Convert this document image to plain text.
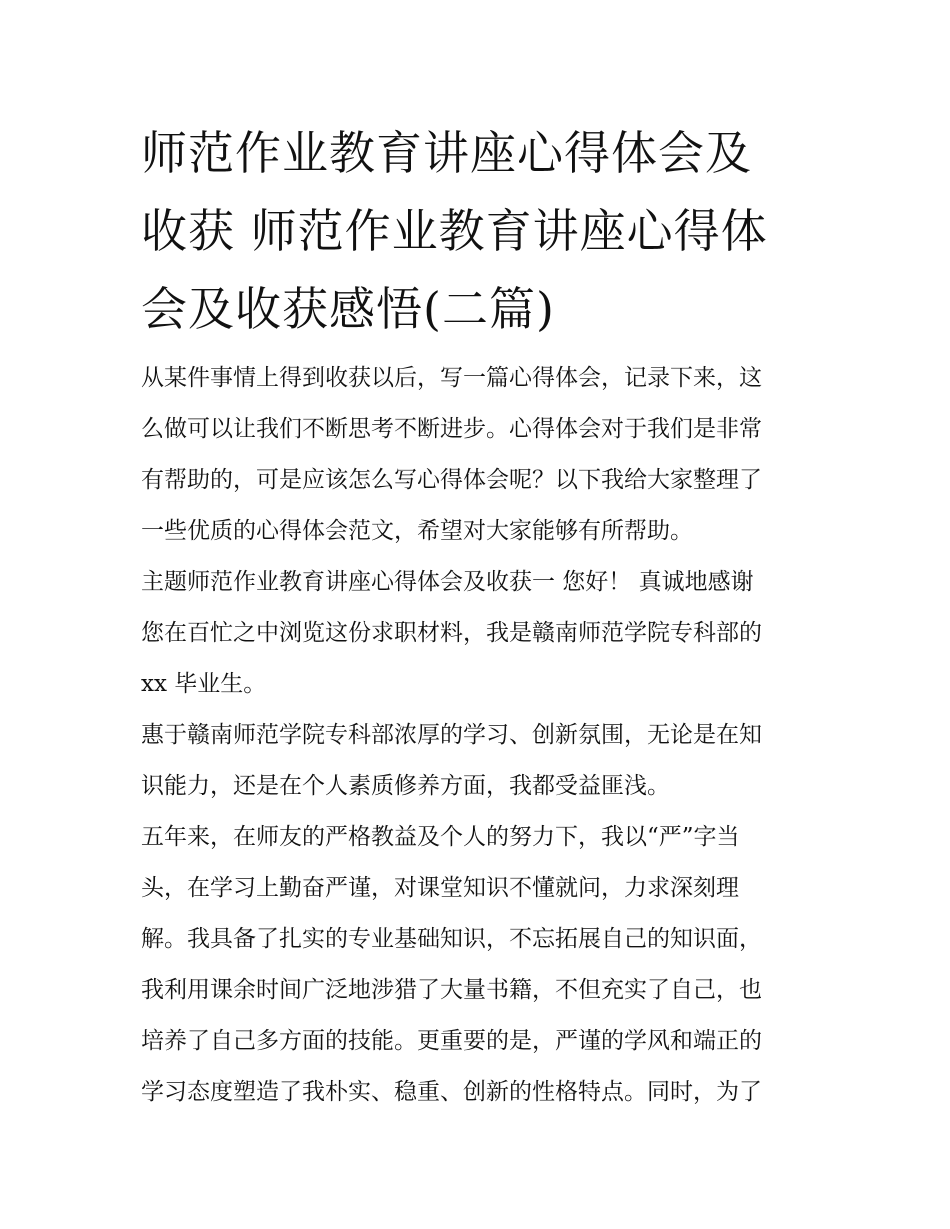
师范作业教育讲座心得体会及
收获 师范作业教育讲座心得体
会及收获感悟(二篇)
从某件事情上得到收获以后，写一篇心得体会，记录下来，这
么做可以让我们不断思考不断进步。心得体会对于我们是非常
有帮助的，可是应该怎么写心得体会呢？以下我给大家整理了
一些优质的心得体会范文，希望对大家能够有所帮助。
主题师范作业教育讲座心得体会及收获一 您好！ 真诚地感谢
您在百忙之中浏览这份求职材料，我是赣南师范学院专科部的
xx 毕业生。
惠于赣南师范学院专科部浓厚的学习、创新氛围，无论是在知
识能力，还是在个人素质修养方面，我都受益匪浅。
五年来，在师友的严格教益及个人的努力下，我以“严”字当
头，在学习上勤奋严谨，对课堂知识不懂就问，力求深刻理
解。我具备了扎实的专业基础知识，不忘拓展自己的知识面，
我利用课余时间广泛地涉猎了大量书籍，不但充实了自己，也
培养了自己多方面的技能。更重要的是，严谨的学风和端正的
学习态度塑造了我朴实、稳重、创新的性格特点。同时，为了
